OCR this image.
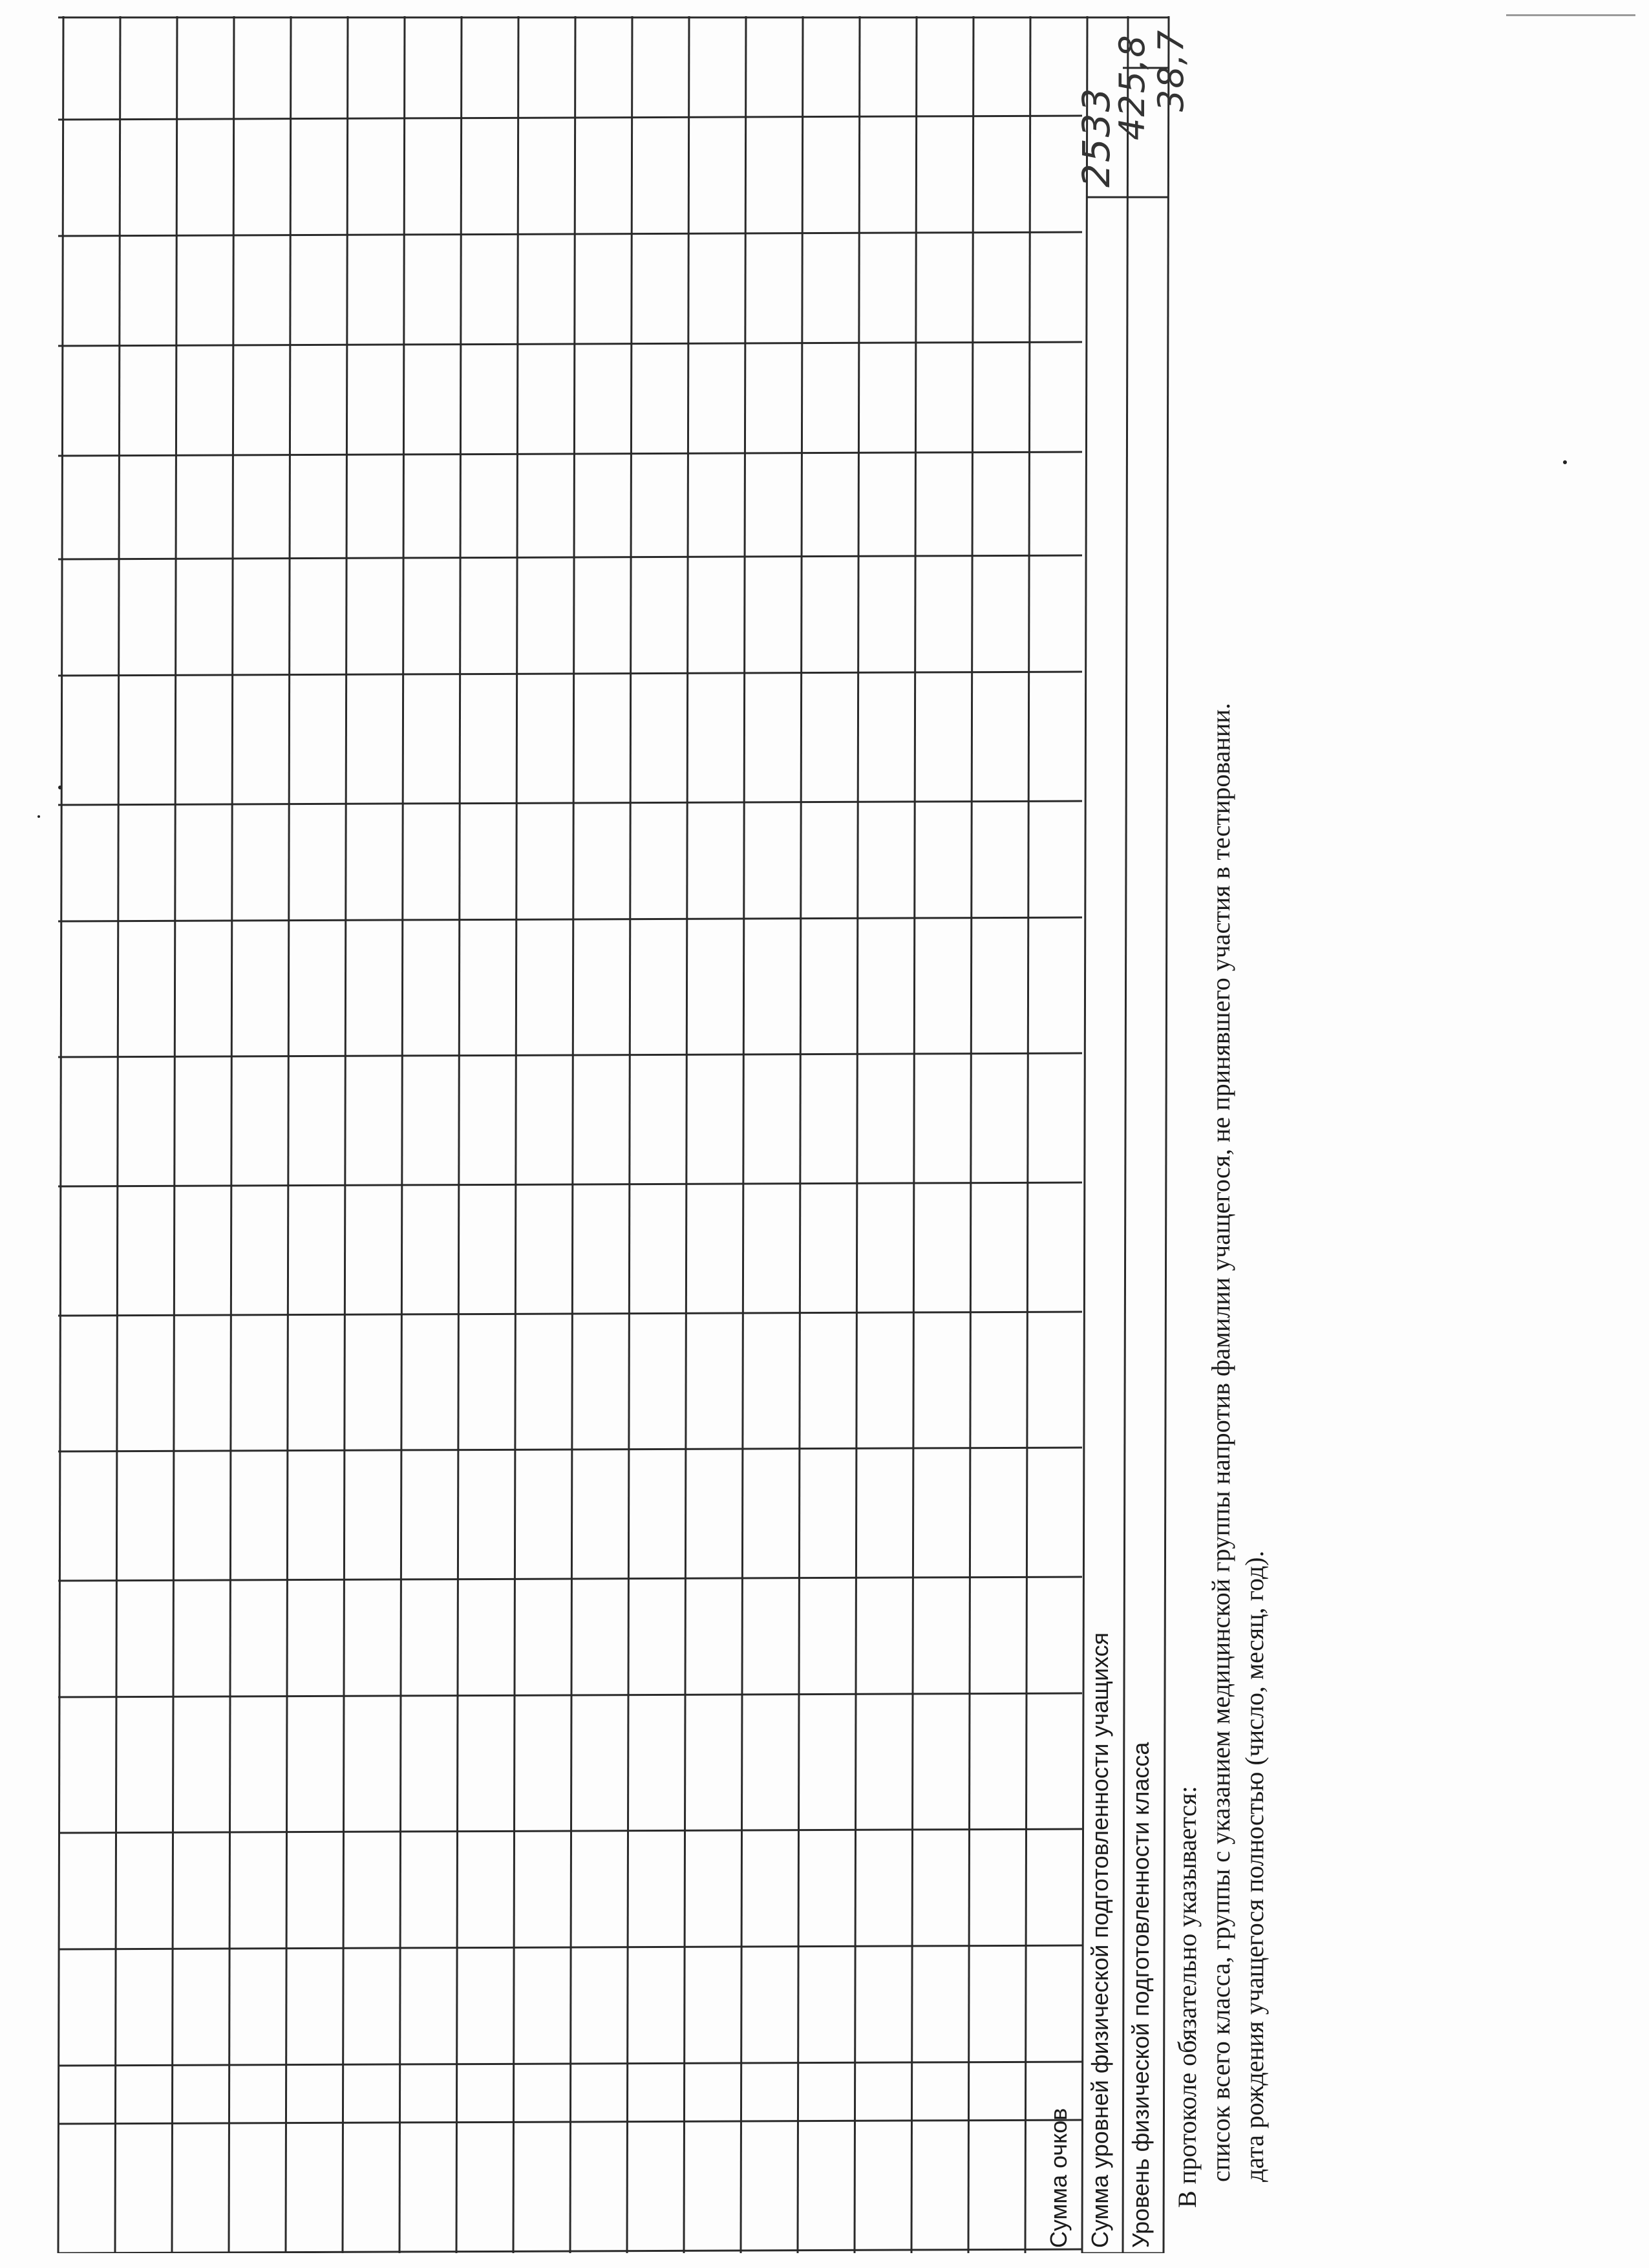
Сумма очков Сумма уровней физической подготовленности учащихся Уровень физической подготовленности класса
2533
425,8
38,7
В протоколе обязательно указывается: список всего класса, группы с указанием медицинской группы напротив фамилии учащегося, не принявшего участия в тестировании. дата рождения учащегося полностью (число, месяц, год).
